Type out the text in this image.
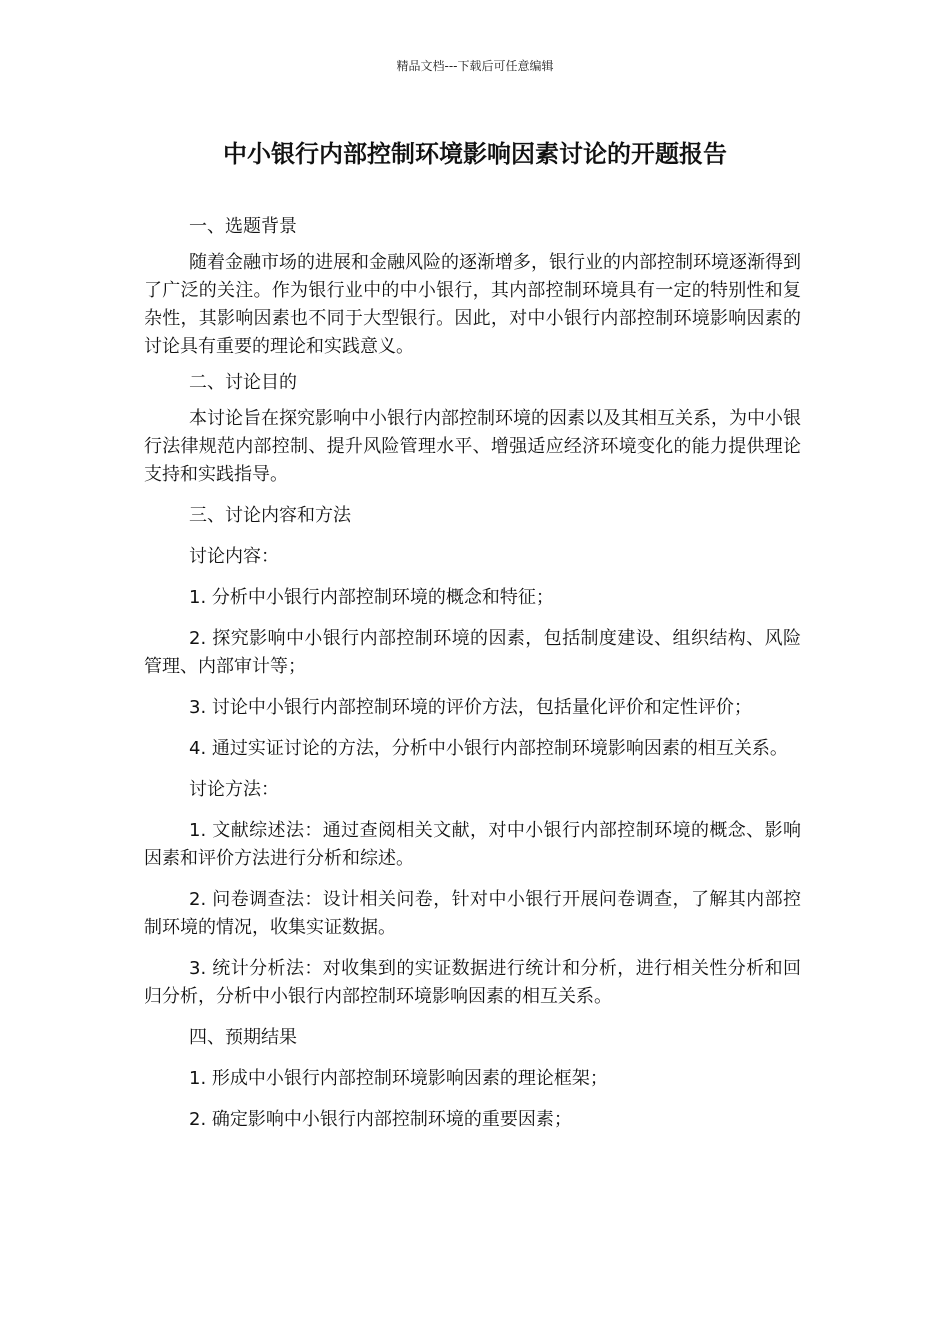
精品文档---下载后可任意编辑
中小银行内部控制环境影响因素讨论的开题报告

一、选题背景

随着金融市场的进展和金融风险的逐渐增多，银行业的内部控制环境逐渐得到了广泛的关注。作为银行业中的中小银行，其内部控制环境具有一定的特别性和复杂性，其影响因素也不同于大型银行。因此，对中小银行内部控制环境影响因素的讨论具有重要的理论和实践意义。

二、讨论目的

本讨论旨在探究影响中小银行内部控制环境的因素以及其相互关系，为中小银行法律规范内部控制、提升风险管理水平、增强适应经济环境变化的能力提供理论支持和实践指导。

三、讨论内容和方法

讨论内容：

1. 分析中小银行内部控制环境的概念和特征；

2. 探究影响中小银行内部控制环境的因素，包括制度建设、组织结构、风险管理、内部审计等；

3. 讨论中小银行内部控制环境的评价方法，包括量化评价和定性评价；

4. 通过实证讨论的方法，分析中小银行内部控制环境影响因素的相互关系。

讨论方法：

1. 文献综述法：通过查阅相关文献，对中小银行内部控制环境的概念、影响因素和评价方法进行分析和综述。

2. 问卷调查法：设计相关问卷，针对中小银行开展问卷调查，了解其内部控制环境的情况，收集实证数据。

3. 统计分析法：对收集到的实证数据进行统计和分析，进行相关性分析和回归分析，分析中小银行内部控制环境影响因素的相互关系。

四、预期结果

1. 形成中小银行内部控制环境影响因素的理论框架；

2. 确定影响中小银行内部控制环境的重要因素；
